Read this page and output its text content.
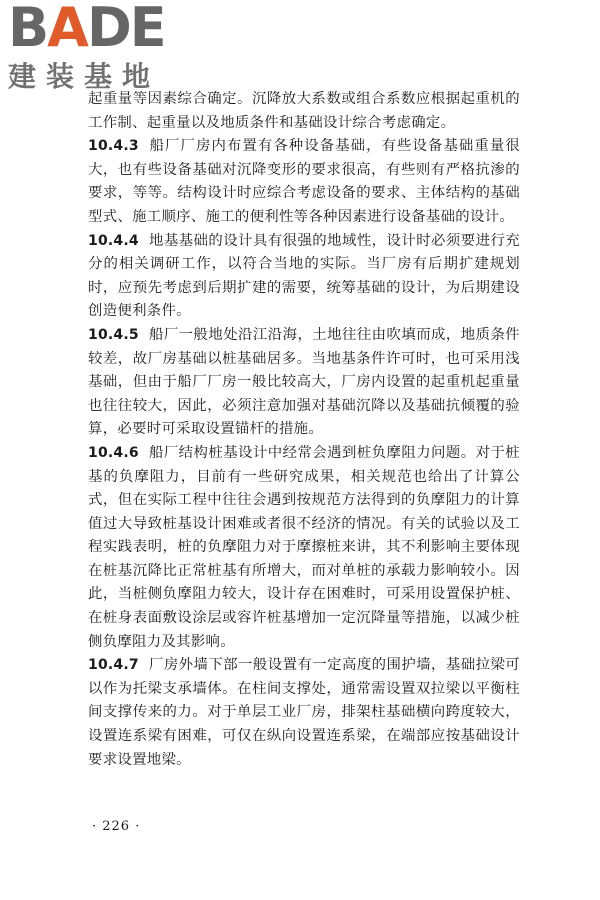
BADE
建装基地

起重量等因素综合确定。沉降放大系数或组合系数应根据起重机的工作制、起重量以及地质条件和基础设计综合考虑确定。

10.4.3 船厂厂房内布置有各种设备基础，有些设备基础重量很大，也有些设备基础对沉降变形的要求很高，有些则有严格抗渗的要求，等等。结构设计时应综合考虑设备的要求、主体结构的基础型式、施工顺序、施工的便利性等各种因素进行设备基础的设计。

10.4.4 地基基础的设计具有很强的地域性，设计时必须要进行充分的相关调研工作，以符合当地的实际。当厂房有后期扩建规划时，应预先考虑到后期扩建的需要，统筹基础的设计，为后期建设创造便利条件。

10.4.5 船厂一般地处沿江沿海，土地往往由吹填而成，地质条件较差，故厂房基础以桩基础居多。当地基条件许可时，也可采用浅基础，但由于船厂厂房一般比较高大，厂房内设置的起重机起重量也往往较大，因此，必须注意加强对基础沉降以及基础抗倾覆的验算，必要时可采取设置锚杆的措施。

10.4.6 船厂结构桩基设计中经常会遇到桩负摩阻力问题。对于桩基的负摩阻力，目前有一些研究成果，相关规范也给出了计算公式，但在实际工程中往往会遇到按规范方法得到的负摩阻力的计算值过大导致桩基设计困难或者很不经济的情况。有关的试验以及工程实践表明，桩的负摩阻力对于摩擦桩来讲，其不利影响主要体现在桩基沉降比正常桩基有所增大，而对单桩的承载力影响较小。因此，当桩侧负摩阻力较大，设计存在困难时，可采用设置保护桩、在桩身表面敷设涂层或容许桩基增加一定沉降量等措施，以减少桩侧负摩阻力及其影响。

10.4.7 厂房外墙下部一般设置有一定高度的围护墙，基础拉梁可以作为托梁支承墙体。在柱间支撑处，通常需设置双拉梁以平衡柱间支撑传来的力。对于单层工业厂房，排架柱基础横向跨度较大，设置连系梁有困难，可仅在纵向设置连系梁，在端部应按基础设计要求设置地梁。

· 226 ·
